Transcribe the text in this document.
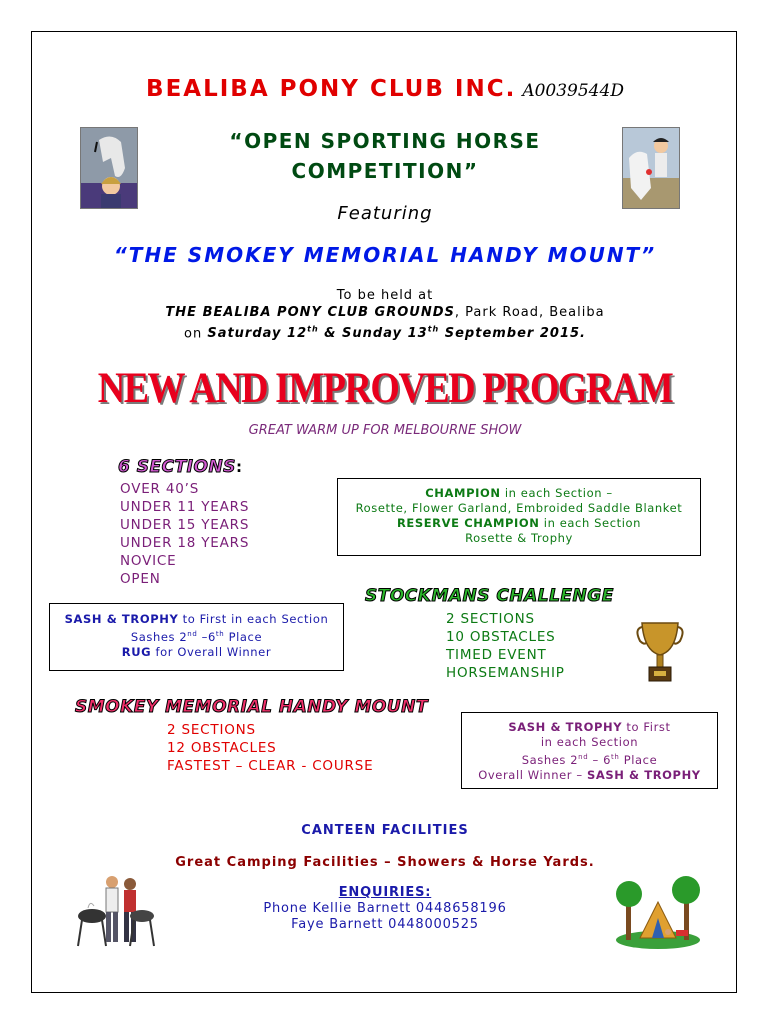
BEALIBA PONY CLUB INC. A0039544D
“OPEN SPORTING HORSE
COMPETITION”
Featuring
“THE SMOKEY MEMORIAL HANDY MOUNT”
To be held at
THE BEALIBA PONY CLUB GROUNDS, Park Road, Bealiba
on Saturday 12th & Sunday 13th September 2015.
NEW AND IMPROVED PROGRAM
GREAT WARM UP FOR MELBOURNE SHOW
6 SECTIONS:
OVER 40’S
UNDER 11 YEARS
UNDER 15 YEARS
UNDER 18 YEARS
NOVICE
OPEN
CHAMPION in each Section –
Rosette, Flower Garland, Embroided Saddle Blanket
RESERVE CHAMPION in each Section
Rosette & Trophy
STOCKMANS CHALLENGE
2 SECTIONS
10 OBSTACLES
TIMED EVENT
HORSEMANSHIP
SASH & TROPHY to First in each Section
Sashes 2nd –6th Place
RUG for Overall Winner
SMOKEY MEMORIAL HANDY MOUNT
2 SECTIONS
12 OBSTACLES
FASTEST – CLEAR - COURSE
SASH & TROPHY to First
in each Section
Sashes 2nd – 6th Place
Overall Winner – SASH & TROPHY
CANTEEN FACILITIES
Great Camping Facilities – Showers & Horse Yards.
ENQUIRIES:
Phone Kellie Barnett 0448658196
Faye Barnett 0448000525
